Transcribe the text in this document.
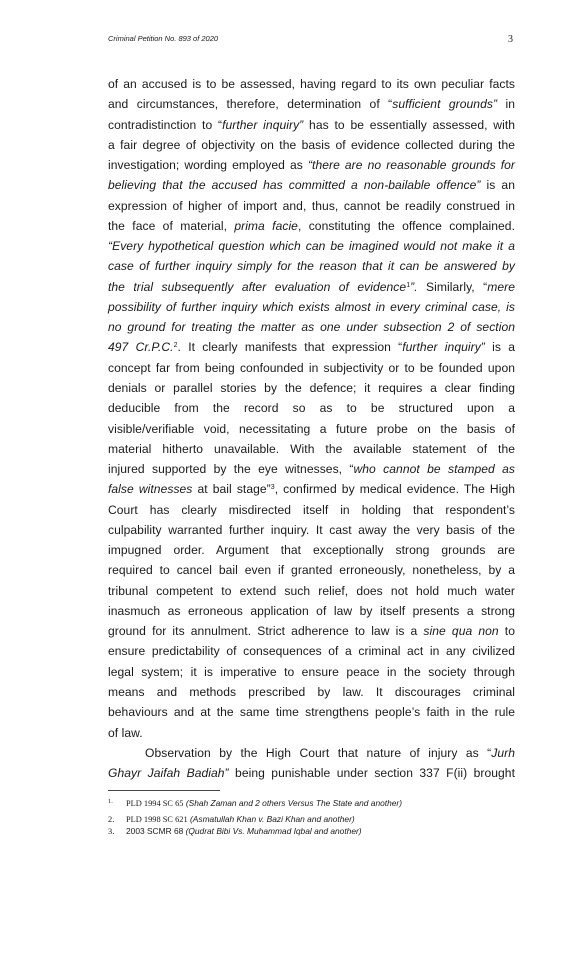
Criminal Petition No. 893 of 2020	3
of an accused is to be assessed, having regard to its own peculiar facts
and circumstances, therefore, determination of “sufficient grounds” in
contradistinction to “further inquiry” has to be essentially assessed, with
a fair degree of objectivity on the basis of evidence collected during the
investigation; wording employed as “there are no reasonable grounds for
believing that the accused has committed a non-bailable offence” is an
expression of higher of import and, thus, cannot be readily construed in
the face of material, prima facie, constituting the offence complained.
“Every hypothetical question which can be imagined would not make it a
case of further inquiry simply for the reason that it can be answered by
the trial subsequently after evaluation of evidence$^1$”. Similarly, “mere
possibility of further inquiry which exists almost in every criminal case, is
no ground for treating the matter as one under subsection 2 of section
497 Cr.P.C.$^2$. It clearly manifests that expression “further inquiry” is a
concept far from being confounded in subjectivity or to be founded upon
denials or parallel stories by the defence; it requires a clear finding
deducible from the record so as to be structured upon a
visible/verifiable void, necessitating a future probe on the basis of
material hitherto unavailable. With the available statement of the
injured supported by the eye witnesses, “who cannot be stamped as
false witnesses at bail stage”$^3$, confirmed by medical evidence. The High
Court has clearly misdirected itself in holding that respondent’s
culpability warranted further inquiry. It cast away the very basis of the
impugned order. Argument that exceptionally strong grounds are
required to cancel bail even if granted erroneously, nonetheless, by a
tribunal competent to extend such relief, does not hold much water
inasmuch as erroneous application of law by itself presents a strong
ground for its annulment. Strict adherence to law is a sine qua non to
ensure predictability of consequences of a criminal act in any civilized
legal system; it is imperative to ensure peace in the society through
means and methods prescribed by law. It discourages criminal
behaviours and at the same time strengthens people’s faith in the rule
of law.
Observation by the High Court that nature of injury as “Jurh
Ghayr Jaifah Badiah” being punishable under section 337 F(ii) brought
1. PLD 1994 SC 65 (Shah Zaman and 2 others Versus The State and another)
2. PLD 1998 SC 621 (Asmatullah Khan v. Bazi Khan and another)
3. 2003 SCMR 68 (Qudrat Bibi Vs. Muhammad Iqbal and another)
